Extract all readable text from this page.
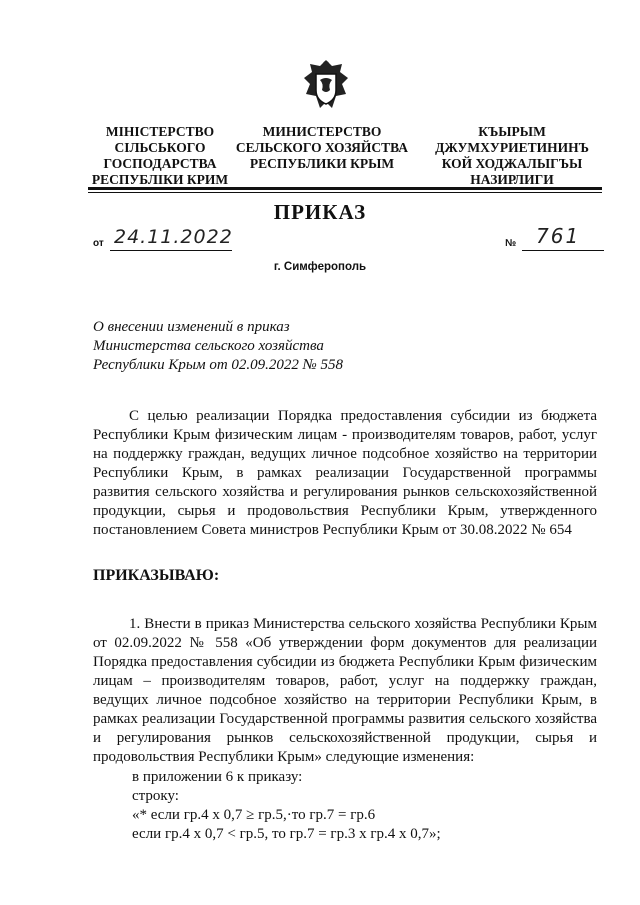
МІНІСТЕРСТВО
СІЛЬСЬКОГО
ГОСПОДАРСТВА
РЕСПУБЛІКИ КРИМ
МИНИСТЕРСТВО
СЕЛЬСКОГО ХОЗЯЙСТВА
РЕСПУБЛИКИ КРЫМ
КЪЫРЫМ
ДЖУМХУРИЕТИНИНЪ
КОЙ ХОДЖАЛЫГЪЫ
НАЗИРЛИГИ
ПРИКАЗ
от 24.11.2022	№ 761
г. Симферополь
О внесении изменений в приказ
Министерства сельского хозяйства
Республики Крым от 02.09.2022 № 558

С целью реализации Порядка предоставления субсидии из бюджета Республики Крым физическим лицам - производителям товаров, работ, услуг на поддержку граждан, ведущих личное подсобное хозяйство на территории Республики Крым, в рамках реализации Государственной программы развития сельского хозяйства и регулирования рынков сельскохозяйственной продукции, сырья и продовольствия Республики Крым, утвержденного постановлением Совета министров Республики Крым от 30.08.2022 № 654

ПРИКАЗЫВАЮ:

1. Внести в приказ Министерства сельского хозяйства Республики Крым от 02.09.2022 № 558 «Об утверждении форм документов для реализации Порядка предоставления субсидии из бюджета Республики Крым физическим лицам – производителям товаров, работ, услуг на поддержку граждан, ведущих личное подсобное хозяйство на территории Республики Крым, в рамках реализации Государственной программы развития сельского хозяйства и регулирования рынков сельскохозяйственной продукции, сырья и продовольствия Республики Крым» следующие изменения:

в приложении 6 к приказу:
строку:
«* если гр.4 х 0,7 ≥ гр.5,·то гр.7 = гр.6
если гр.4 х 0,7 < гр.5, то гр.7 = гр.3 х гр.4 х 0,7»;
